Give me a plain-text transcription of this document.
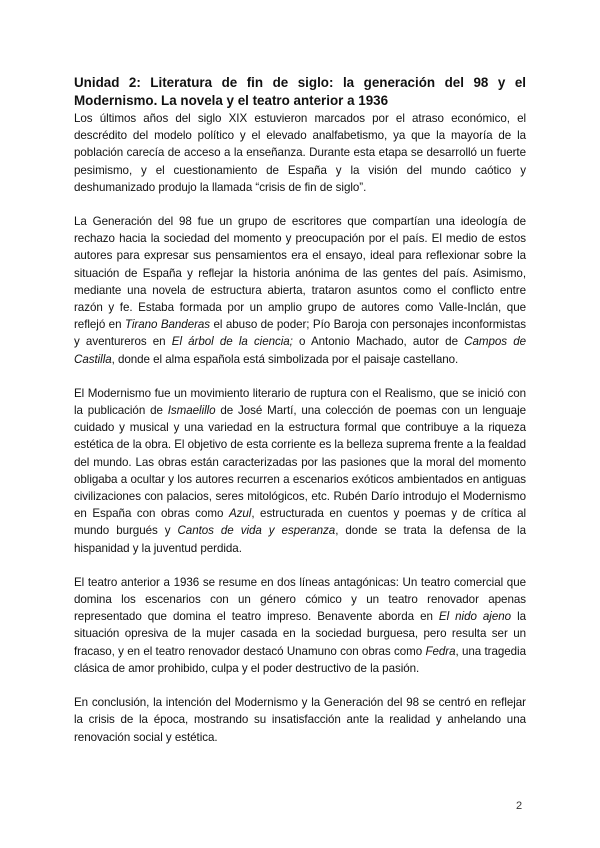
Unidad 2: Literatura de fin de siglo: la generación del 98 y el Modernismo. La novela y el teatro anterior a 1936

Los últimos años del siglo XIX estuvieron marcados por el atraso económico, el descrédito del modelo político y el elevado analfabetismo, ya que la mayoría de la población carecía de acceso a la enseñanza. Durante esta etapa se desarrolló un fuerte pesimismo, y el cuestionamiento de España y la visión del mundo caótico y deshumanizado produjo la llamada “crisis de fin de siglo”.

La Generación del 98 fue un grupo de escritores que compartían una ideología de rechazo hacia la sociedad del momento y preocupación por el país. El medio de estos autores para expresar sus pensamientos era el ensayo, ideal para reflexionar sobre la situación de España y reflejar la historia anónima de las gentes del país. Asimismo, mediante una novela de estructura abierta, trataron asuntos como el conflicto entre razón y fe. Estaba formada por un amplio grupo de autores como Valle-Inclán, que reflejó en Tirano Banderas el abuso de poder; Pío Baroja con personajes inconformistas y aventureros en El árbol de la ciencia; o Antonio Machado, autor de Campos de Castilla, donde el alma española está simbolizada por el paisaje castellano.

El Modernismo fue un movimiento literario de ruptura con el Realismo, que se inició con la publicación de Ismaelillo de José Martí, una colección de poemas con un lenguaje cuidado y musical y una variedad en la estructura formal que contribuye a la riqueza estética de la obra. El objetivo de esta corriente es la belleza suprema frente a la fealdad del mundo. Las obras están caracterizadas por las pasiones que la moral del momento obligaba a ocultar y los autores recurren a escenarios exóticos ambientados en antiguas civilizaciones con palacios, seres mitológicos, etc. Rubén Darío introdujo el Modernismo en España con obras como Azul, estructurada en cuentos y poemas y de crítica al mundo burgués y Cantos de vida y esperanza, donde se trata la defensa de la hispanidad y la juventud perdida.

El teatro anterior a 1936 se resume en dos líneas antagónicas: Un teatro comercial que domina los escenarios con un género cómico y un teatro renovador apenas representado que domina el teatro impreso. Benavente aborda en El nido ajeno la situación opresiva de la mujer casada en la sociedad burguesa, pero resulta ser un fracaso, y en el teatro renovador destacó Unamuno con obras como Fedra, una tragedia clásica de amor prohibido, culpa y el poder destructivo de la pasión.

En conclusión, la intención del Modernismo y la Generación del 98 se centró en reflejar la crisis de la época, mostrando su insatisfacción ante la realidad y anhelando una renovación social y estética.

2
